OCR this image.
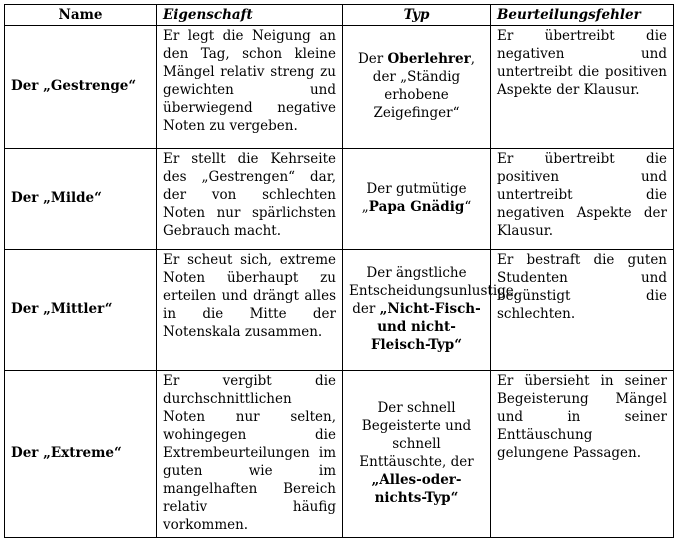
Name	Eigenschaft	Typ	Beurteilungsfehler
Der „Gestrenge“	Er legt die Neigung an den Tag, schon kleine Mängel relativ streng zu gewichten und überwiegend negative Noten zu vergeben.	Der Oberlehrer, der „Ständig erhobene Zeigefinger“	Er übertreibt die negativen und untertreibt die positiven Aspekte der Klausur.
Der „Milde“	Er stellt die Kehrseite des „Gestrengen“ dar, der von schlechten Noten nur spärlichsten Gebrauch macht.	Der gutmütige „Papa Gnädig“	Er übertreibt die positiven und untertreibt die negativen Aspekte der Klausur.
Der „Mittler“	Er scheut sich, extreme Noten überhaupt zu erteilen und drängt alles in die Mitte der Notenskala zusammen.	Der ängstliche Entscheidungsunlustige, der „Nicht-Fisch-und nicht-Fleisch-Typ“	Er bestraft die guten Studenten und begünstigt die schlechten.
Der „Extreme“	Er vergibt die durchschnittlichen Noten nur selten, wohingegen die Extrembeurteilungen im guten wie im mangelhaften Bereich relativ häufig vorkommen.	Der schnell Begeisterte und schnell Enttäuschte, der „Alles-oder-nichts-Typ“	Er übersieht in seiner Begeisterung Mängel und in seiner Enttäuschung gelungene Passagen.
